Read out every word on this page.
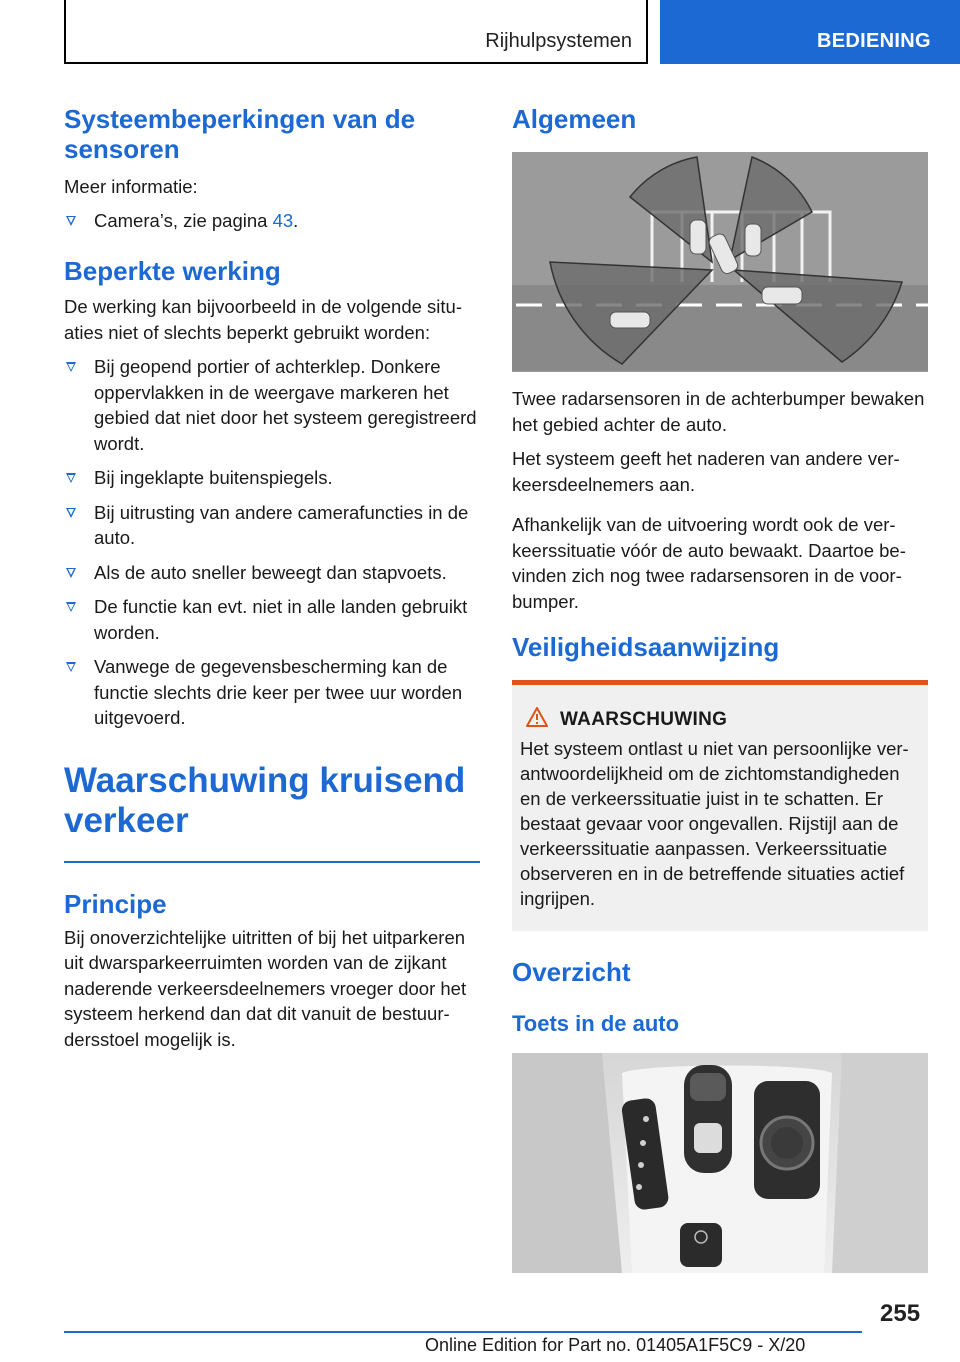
Rijhulpsystemen	BEDIENING
Systeembeperkingen van de sensoren
Meer informatie:
Camera’s, zie pagina 43.
Beperkte werking
De werking kan bijvoorbeeld in de volgende situaties niet of slechts beperkt gebruikt worden:
Bij geopend portier of achterklep. Donkere oppervlakken in de weergave markeren het gebied dat niet door het systeem geregistreerd wordt.
Bij ingeklapte buitenspiegels.
Bij uitrusting van andere camerafuncties in de auto.
Als de auto sneller beweegt dan stapvoets.
De functie kan evt. niet in alle landen gebruikt worden.
Vanwege de gegevensbescherming kan de functie slechts drie keer per twee uur worden uitgevoerd.
Waarschuwing kruisend verkeer
Principe
Bij onoverzichtelijke uitritten of bij het uitparkeren uit dwarsparkeerruimten worden van de zijkant naderende verkeersdeelnemers vroeger door het systeem herkend dan dat dit vanuit de bestuurdersstoel mogelijk is.
Algemeen
Twee radarsensoren in de achterbumper bewaken het gebied achter de auto.
Het systeem geeft het naderen van andere verkeersdeelnemers aan.
Afhankelijk van de uitvoering wordt ook de verkeerssituatie vóór de auto bewaakt. Daartoe bevinden zich nog twee radarsensoren in de voorbumper.
Veiligheidsaanwijzing
WAARSCHUWING
Het systeem ontlast u niet van persoonlijke verantwoordelijkheid om de zichtomstandigheden en de verkeerssituatie juist in te schatten. Er bestaat gevaar voor ongevallen. Rijstijl aan de verkeerssituatie aanpassen. Verkeerssituatie observeren en in de betreffende situaties actief ingrijpen.
Overzicht
Toets in de auto
255
Online Edition for Part no. 01405A1F5C9 - X/20
